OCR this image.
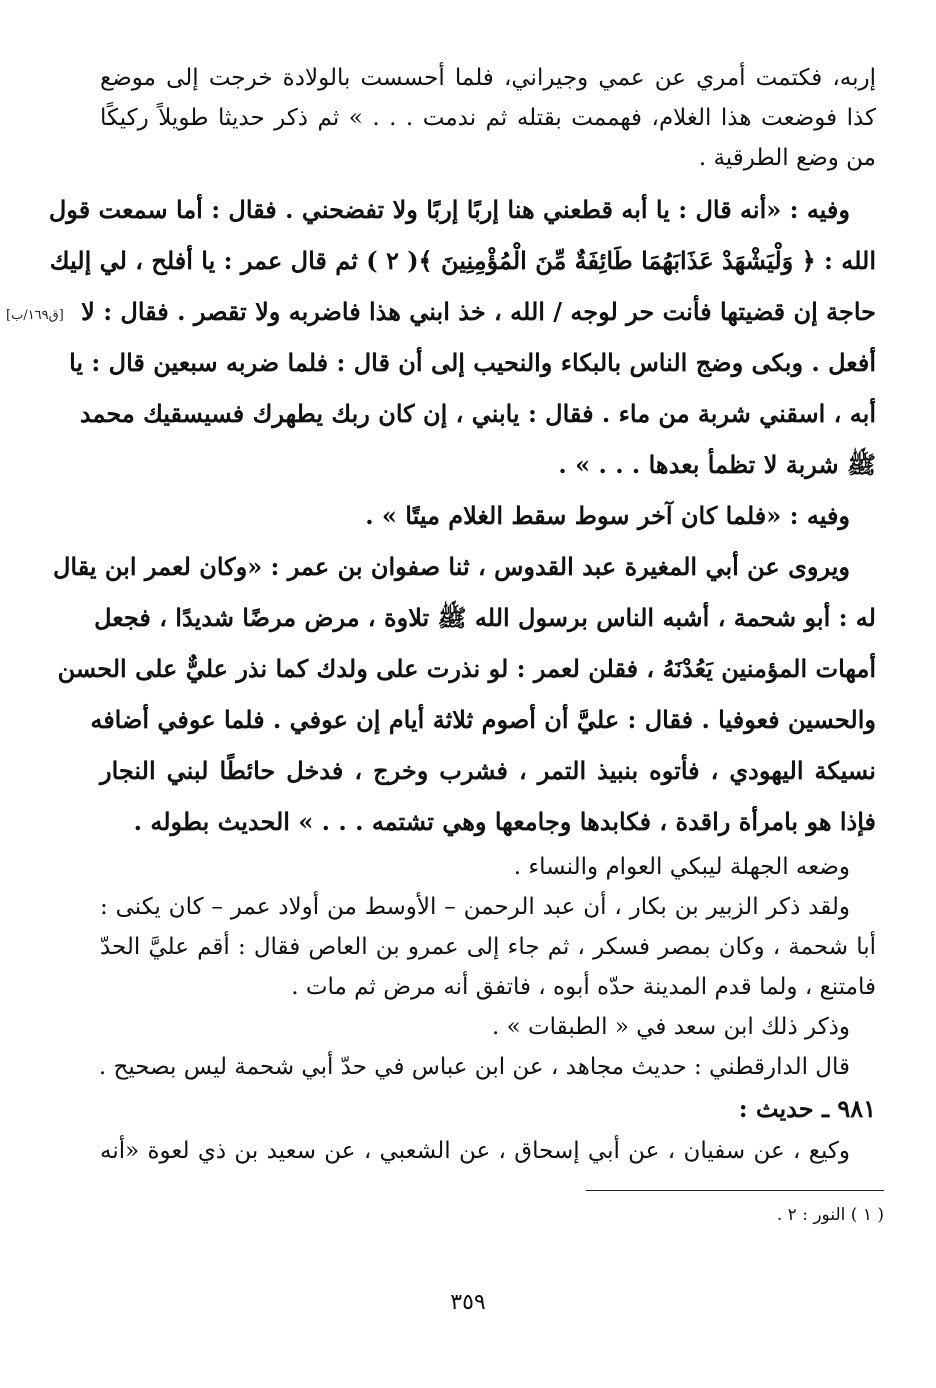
إربه، فكتمت أمري عن عمي وجيراني، فلما أحسست بالولادة خرجت إلى موضع
كذا فوضعت هذا الغلام، فهممت بقتله ثم ندمت . . . » ثم ذكر حديثا طويلاً ركيكًا
من وضع الطرقية .
وفيه : «أنه قال : يا أبه قطعني هنا إربًا إربًا ولا تفضحني . فقال : أما سمعت قول
الله : ﴿ وَلْيَشْهَدْ عَذَابَهُمَا طَائِفَةٌ مِّنَ الْمُؤْمِنِينَ ﴾( ٢ ) ثم قال عمر : يا أفلح ، لي إليك
حاجة إن قضيتها فأنت حر لوجه / الله ، خذ ابني هذا فاضربه ولا تقصر . فقال : لا
أفعل . وبكى وضج الناس بالبكاء والنحيب إلى أن قال : فلما ضربه سبعين قال : يا
أبه ، اسقني شربة من ماء . فقال : يابني ، إن كان ربك يطهرك فسيسقيك محمد
ﷺ شربة لا تظمأ بعدها . . . » .
وفيه : «فلما كان آخر سوط سقط الغلام ميتًا » .
ويروى عن أبي المغيرة عبد القدوس ، ثنا صفوان بن عمر : «وكان لعمر ابن يقال
له : أبو شحمة ، أشبه الناس برسول الله ﷺ تلاوة ، مرض مرضًا شديدًا ، فجعل
أمهات المؤمنين يَعُدْنَهُ ، فقلن لعمر : لو نذرت على ولدك كما نذر عليٌّ على الحسن
والحسين فعوفيا . فقال : عليَّ أن أصوم ثلاثة أيام إن عوفي . فلما عوفي أضافه
نسيكة اليهودي ، فأتوه بنبيذ التمر ، فشرب وخرج ، فدخل حائطًا لبني النجار
فإذا هو بامرأة راقدة ، فكابدها وجامعها وهي تشتمه . . . » الحديث بطوله .
وضعه الجهلة ليبكي العوام والنساء .
ولقد ذكر الزبير بن بكار ، أن عبد الرحمن – الأوسط من أولاد عمر – كان يكنى :
أبا شحمة ، وكان بمصر فسكر ، ثم جاء إلى عمرو بن العاص فقال : أقم عليَّ الحدّ
فامتنع ، ولما قدم المدينة حدّه أبوه ، فاتفق أنه مرض ثم مات .
وذكر ذلك ابن سعد في « الطبقات » .
قال الدارقطني : حديث مجاهد ، عن ابن عباس في حدّ أبي شحمة ليس بصحيح .
٩٨١ ـ حديث :
وكيع ، عن سفيان ، عن أبي إسحاق ، عن الشعبي ، عن سعيد بن ذي لعوة «أنه
[ق١٦٩/ب]
( ١ ) النور : ٢ .
٣٥٩
